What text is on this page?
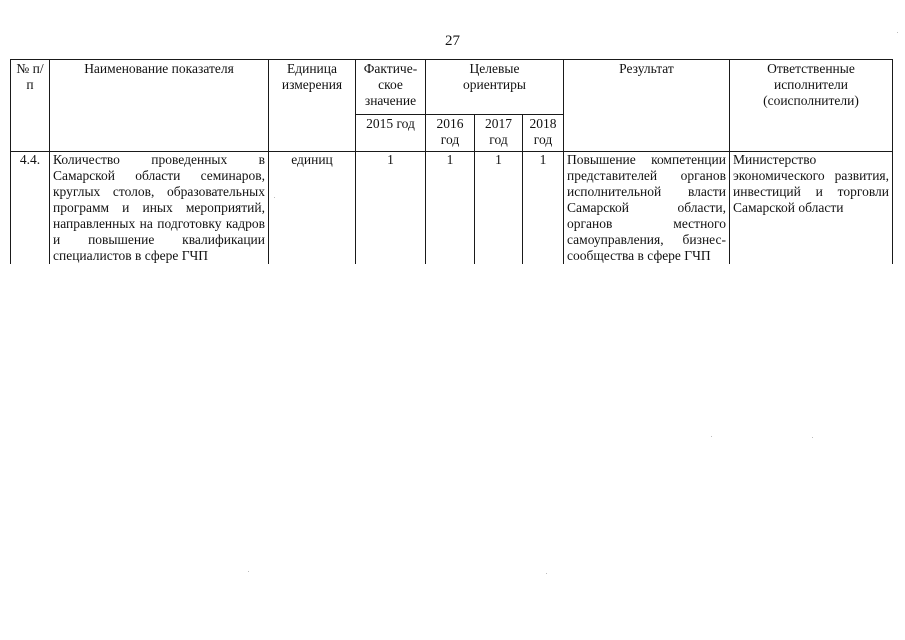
27
№ п/п	Наименование показателя	Единица измерения	Фактиче-ское значение	Целевые ориентиры			Результат	Ответственные исполнители (соисполнители)
			2015 год	2016 год	2017 год	2018 год		
4.4.	Количество проведенных в Самарской области семинаров, круглых столов, образовательных программ и иных мероприятий, направленных на подготовку кадров и повышение квалификации специалистов в сфере ГЧП	единиц	1	1	1	1	Повышение компетенции представителей органов исполнительной власти Самарской области, органов местного самоуправления, бизнес-сообщества в сфере ГЧП	Министерство экономического развития, инвестиций и торговли Самарской области
